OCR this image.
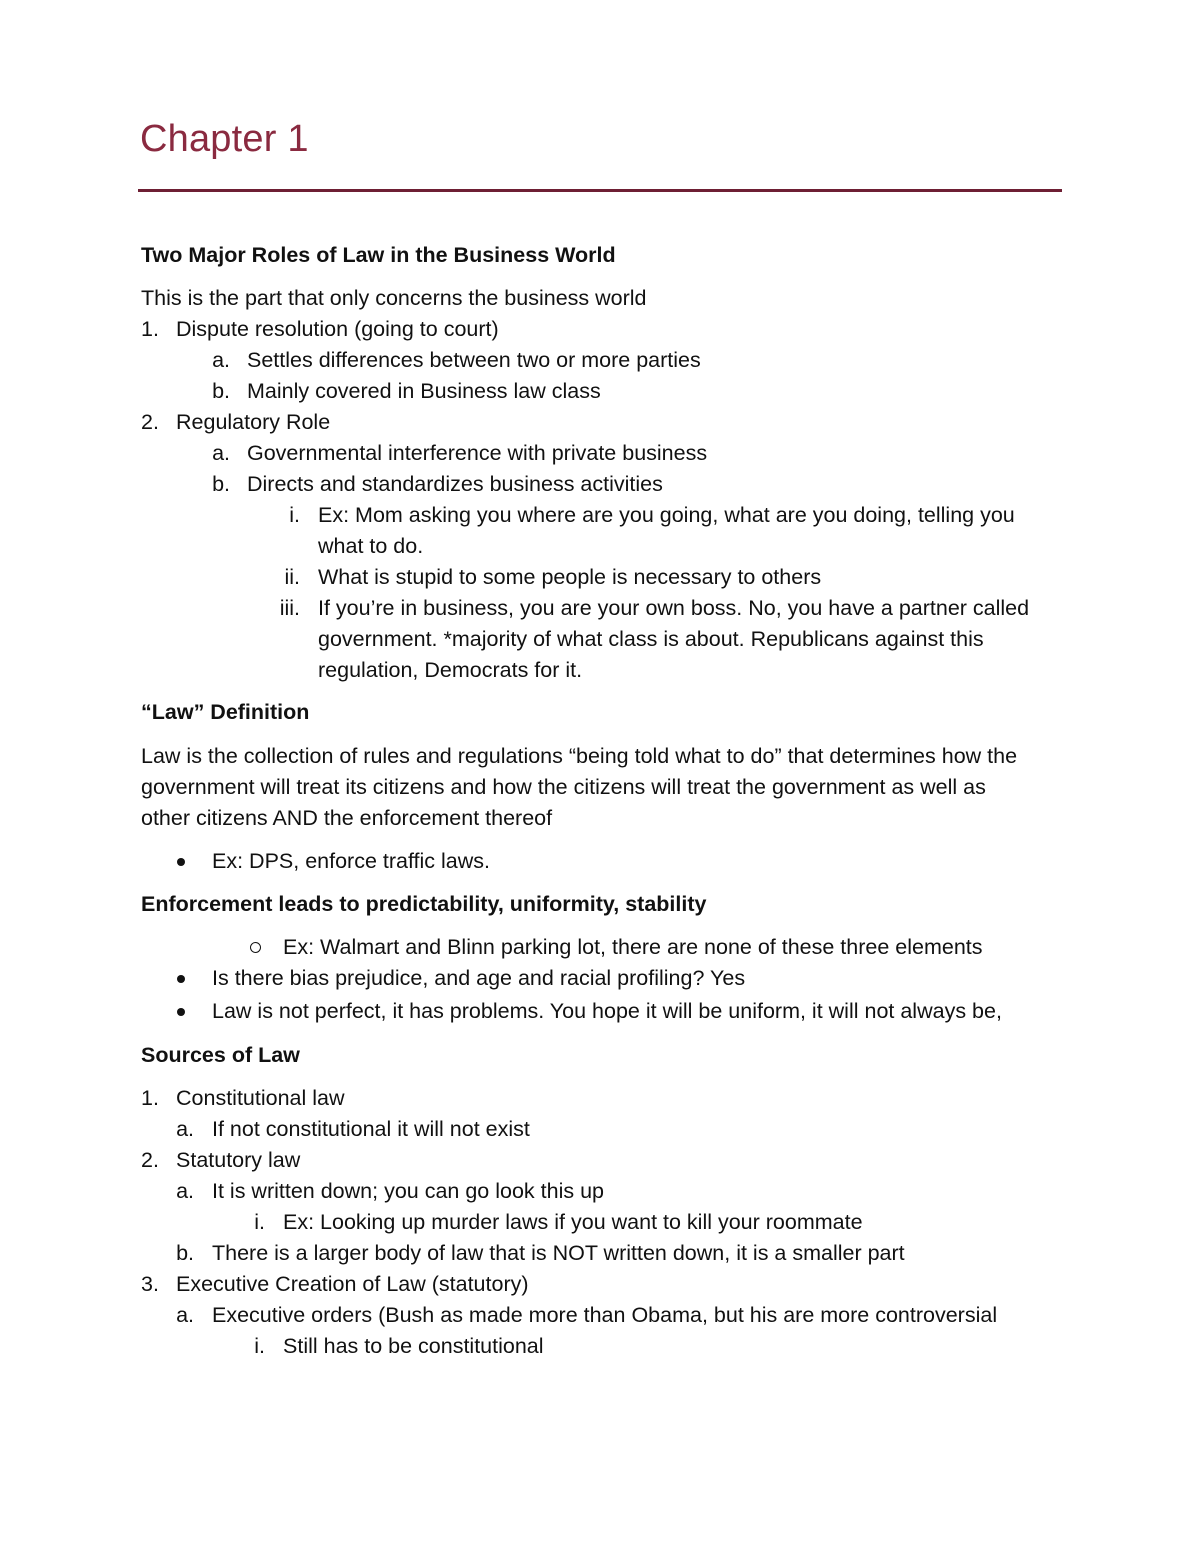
Chapter 1
Two Major Roles of Law in the Business World
This is the part that only concerns the business world
1. Dispute resolution (going to court)
a. Settles differences between two or more parties
b. Mainly covered in Business law class
2. Regulatory Role
a. Governmental interference with private business
b. Directs and standardizes business activities
i. Ex: Mom asking you where are you going, what are you doing, telling you
what to do.
ii. What is stupid to some people is necessary to others
iii. If you’re in business, you are your own boss. No, you have a partner called
government. *majority of what class is about. Republicans against this
regulation, Democrats for it.
“Law” Definition
Law is the collection of rules and regulations “being told what to do” that determines how the
government will treat its citizens and how the citizens will treat the government as well as
other citizens AND the enforcement thereof
Ex: DPS, enforce traffic laws.
Enforcement leads to predictability, uniformity, stability
Ex: Walmart and Blinn parking lot, there are none of these three elements
Is there bias prejudice, and age and racial profiling? Yes
Law is not perfect, it has problems. You hope it will be uniform, it will not always be,
Sources of Law
1. Constitutional law
a. If not constitutional it will not exist
2. Statutory law
a. It is written down; you can go look this up
i. Ex: Looking up murder laws if you want to kill your roommate
b. There is a larger body of law that is NOT written down, it is a smaller part
3. Executive Creation of Law (statutory)
a. Executive orders (Bush as made more than Obama, but his are more controversial
i. Still has to be constitutional
